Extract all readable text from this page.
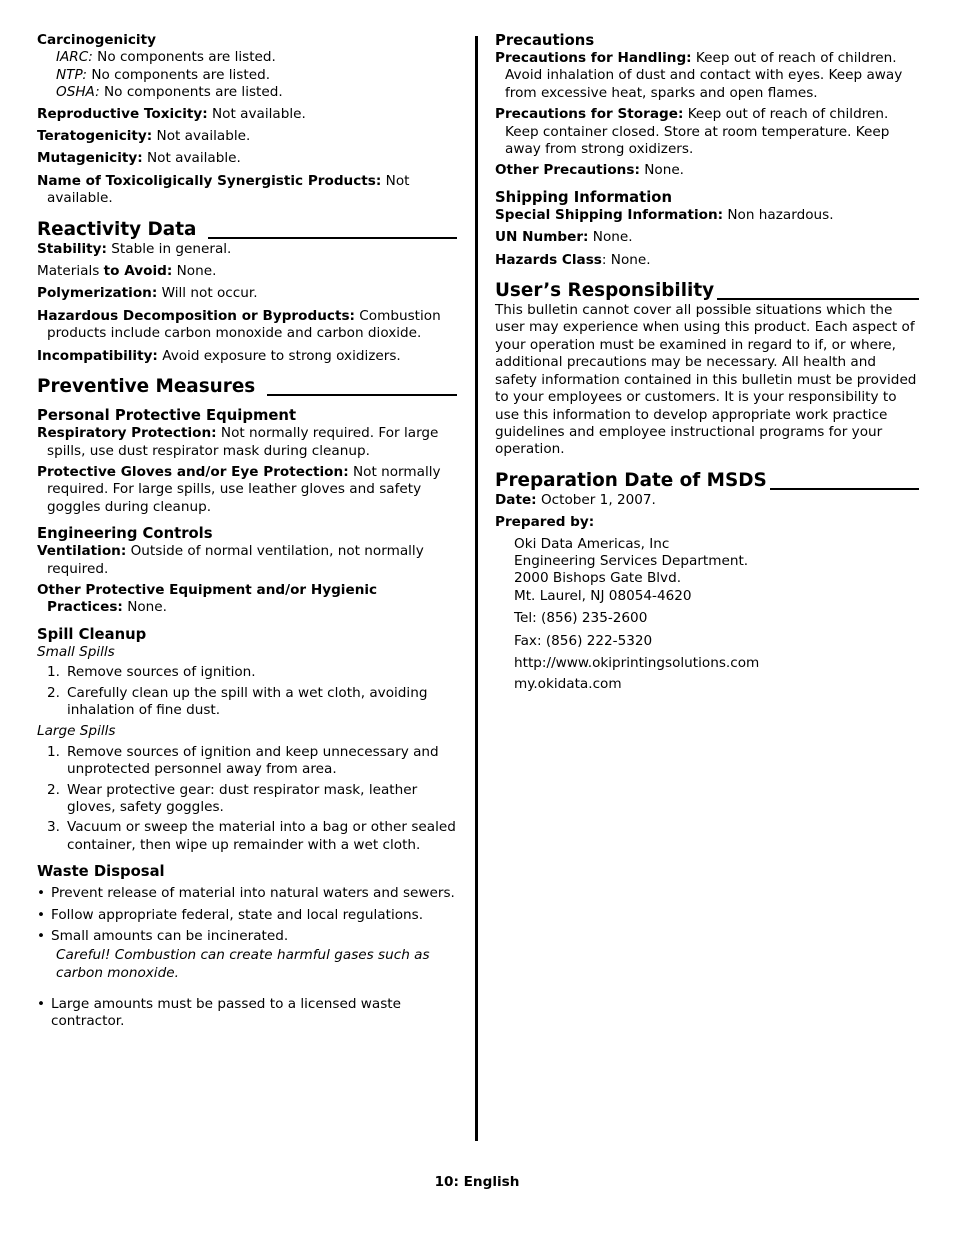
Carcinogenicity

IARC: No components are listed.

NTP: No components are listed.

OSHA: No components are listed.

Reproductive Toxicity: Not available.

Teratogenicity: Not available.

Mutagenicity: Not available.

Name of Toxicoligically Synergistic Products: Not available.

Reactivity Data

Stability: Stable in general.

Materials to Avoid: None.

Polymerization: Will not occur.

Hazardous Decomposition or Byproducts: Combustion products include carbon monoxide and carbon dioxide.

Incompatibility: Avoid exposure to strong oxidizers.

Preventive Measures

Personal Protective Equipment

Respiratory Protection: Not normally required. For large spills, use dust respirator mask during cleanup.

Protective Gloves and/or Eye Protection: Not normally required. For large spills, use leather gloves and safety goggles during cleanup.

Engineering Controls

Ventilation: Outside of normal ventilation, not normally required.

Other Protective Equipment and/or Hygienic Practices: None.

Spill Cleanup

Small Spills

1. Remove sources of ignition.
2. Carefully clean up the spill with a wet cloth, avoiding inhalation of fine dust.

Large Spills

1. Remove sources of ignition and keep unnecessary and unprotected personnel away from area.
2. Wear protective gear: dust respirator mask, leather gloves, safety goggles.
3. Vacuum or sweep the material into a bag or other sealed container, then wipe up remainder with a wet cloth.

Waste Disposal

• Prevent release of material into natural waters and sewers.
• Follow appropriate federal, state and local regulations.
• Small amounts can be incinerated.

Careful! Combustion can create harmful gases such as carbon monoxide.

• Large amounts must be passed to a licensed waste contractor.

Precautions

Precautions for Handling: Keep out of reach of children. Avoid inhalation of dust and contact with eyes. Keep away from excessive heat, sparks and open flames.

Precautions for Storage: Keep out of reach of children. Keep container closed. Store at room temperature. Keep away from strong oxidizers.

Other Precautions: None.

Shipping Information

Special Shipping Information: Non hazardous.

UN Number: None.

Hazards Class: None.

User’s Responsibility

This bulletin cannot cover all possible situations which the user may experience when using this product. Each aspect of your operation must be examined in regard to if, or where, additional precautions may be necessary. All health and safety information contained in this bulletin must be provided to your employees or customers. It is your responsibility to use this information to develop appropriate work practice guidelines and employee instructional programs for your operation.

Preparation Date of MSDS

Date: October 1, 2007.

Prepared by:

Oki Data Americas, Inc

Engineering Services Department.

2000 Bishops Gate Blvd.

Mt. Laurel, NJ 08054-4620

Tel: (856) 235-2600

Fax: (856) 222-5320

http://www.okiprintingsolutions.com

my.okidata.com

10: English
